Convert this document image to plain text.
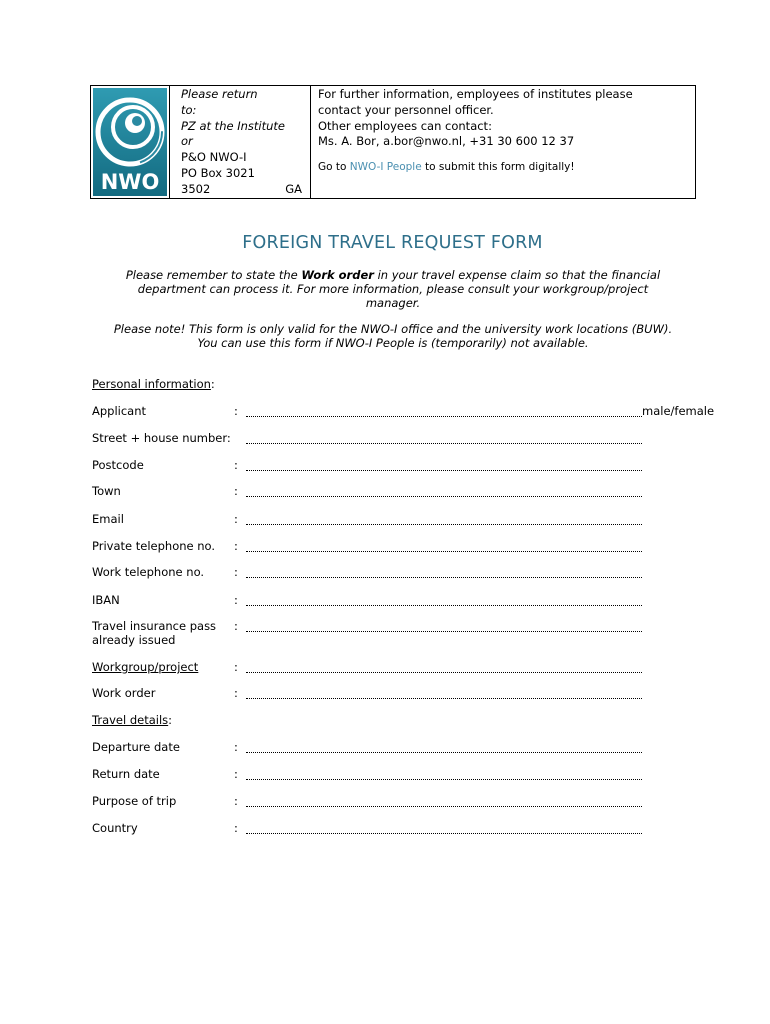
NWO
Please return
to:
PZ at the Institute
or
P&O NWO-I
PO Box 3021
3502	GA
For further information, employees of institutes please
contact your personnel officer.
Other employees can contact:
Ms. A. Bor, a.bor@nwo.nl, +31 30 600 12 37
Go to NWO-I People to submit this form digitally!
FOREIGN TRAVEL REQUEST FORM
Please remember to state the Work order in your travel expense claim so that the financial
department can process it. For more information, please consult your workgroup/project
manager.
Please note! This form is only valid for the NWO-I office and the university work locations (BUW).
You can use this form if NWO-I People is (temporarily) not available.
Personal information:
Applicant	:	male/female
Street + house number:
Postcode	:
Town	:
Email	:
Private telephone no.	:
Work telephone no.	:
IBAN	:
Travel insurance pass
already issued
:
Workgroup/project	:
Work order	:
Travel details:
Departure date	:
Return date	:
Purpose of trip	:
Country	:
